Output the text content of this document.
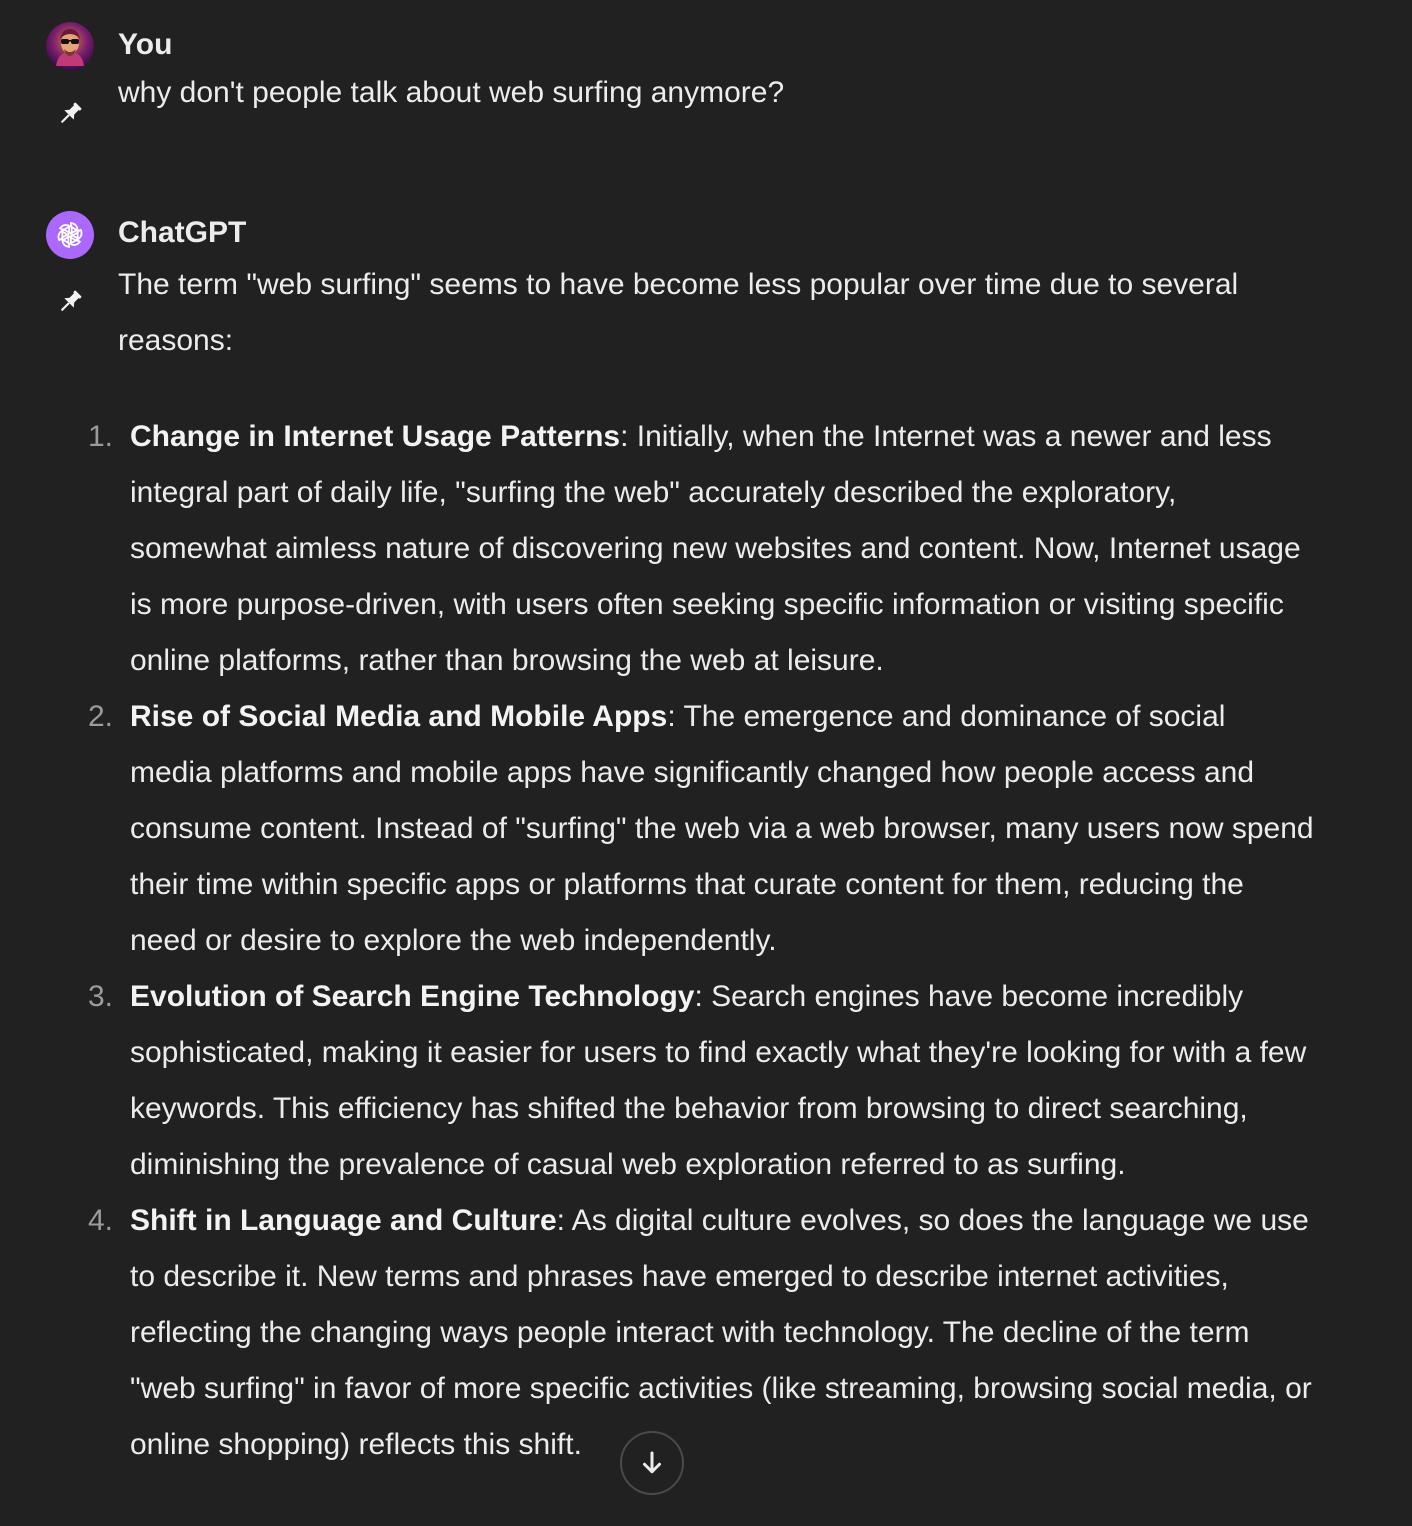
You
why don't people talk about web surfing anymore?
ChatGPT

The term "web surfing" seems to have become less popular over time due to several reasons:

1. Change in Internet Usage Patterns: Initially, when the Internet was a newer and less integral part of daily life, "surfing the web" accurately described the exploratory, somewhat aimless nature of discovering new websites and content. Now, Internet usage is more purpose-driven, with users often seeking specific information or visiting specific online platforms, rather than browsing the web at leisure.
2. Rise of Social Media and Mobile Apps: The emergence and dominance of social media platforms and mobile apps have significantly changed how people access and consume content. Instead of "surfing" the web via a web browser, many users now spend their time within specific apps or platforms that curate content for them, reducing the need or desire to explore the web independently.
3. Evolution of Search Engine Technology: Search engines have become incredibly sophisticated, making it easier for users to find exactly what they're looking for with a few keywords. This efficiency has shifted the behavior from browsing to direct searching, diminishing the prevalence of casual web exploration referred to as surfing.
4. Shift in Language and Culture: As digital culture evolves, so does the language we use to describe it. New terms and phrases have emerged to describe internet activities, reflecting the changing ways people interact with technology. The decline of the term "web surfing" in favor of more specific activities (like streaming, browsing social media, or online shopping) reflects this shift.
